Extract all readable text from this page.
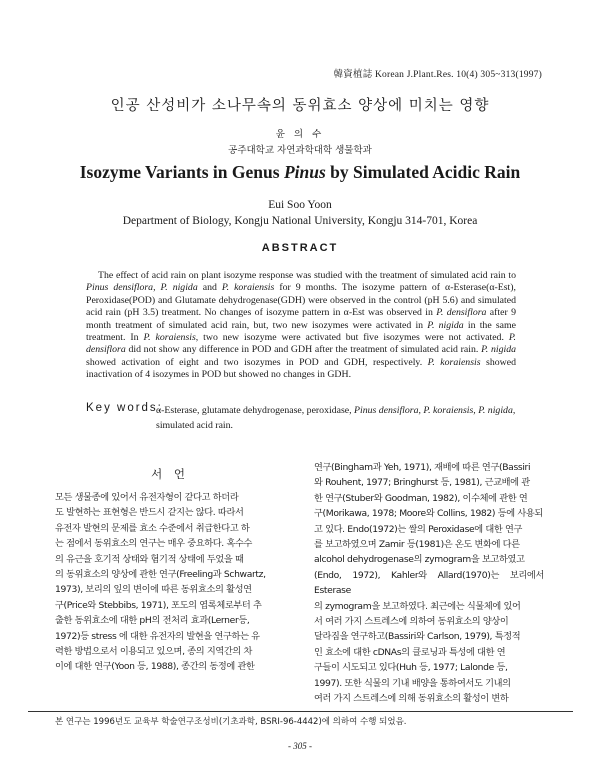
韓資植誌 Korean J.Plant.Res. 10(4) 305~313(1997)
인공 산성비가 소나무속의 동위효소 양상에 미치는 영향
윤 의 수
공주대학교 자연과학대학 생물학과
Isozyme Variants in Genus Pinus by Simulated Acidic Rain
Eui Soo Yoon
Department of Biology, Kongju National University, Kongju 314-701, Korea
ABSTRACT
The effect of acid rain on plant isozyme response was studied with the treatment of simulated acid rain to Pinus densiflora, P. nigida and P. koraiensis for 9 months. The isozyme pattern of α-Esterase(α-Est), Peroxidase(POD) and Glutamate dehydrogenase(GDH) were observed in the control (pH 5.6) and simulated acid rain (pH 3.5) treatment. No changes of isozyme pattern in α-Est was observed in P. densiflora after 9 month treatment of simulated acid rain, but, two new isozymes were activated in P. nigida in the same treatment. In P. koraiensis, two new isozyme were activated but five isozymes were not activated. P. densiflora did not show any difference in POD and GDH after the treatment of simulated acid rain. P. nigida showed activation of eight and two isozymes in POD and GDH, respectively. P. koraiensis showed inactivation of 4 isozymes in POD but showed no changes in GDH.
Key words:
α-Esterase, glutamate dehydrogenase, peroxidase, Pinus densiflora, P. koraiensis, P. nigida, simulated acid rain.
서 언

모든 생물종에 있어서 유전자형이 같다고 하더라

도 발현하는 표현형은 반드시 같지는 않다. 따라서

유전자 발현의 문제를 효소 수준에서 취급한다고 하

는 점에서 동위효소의 연구는 매우 중요하다. 혹수수

의 유근을 호기적 상태와 혐기적 상태에 두었을 때

의 동위효소의 양상에 관한 연구(Freeling과 Schwartz,

1973), 보리의 잎의 변이에 따른 동위효소의 활성연

구(Price와 Stebbibs, 1971), 포도의 엽록체로부터 추

출한 동위효소에 대한 pH의 전처리 효과(Lerner등,

1972)등 stress 에 대한 유전자의 발현을 연구하는 유

력한 방법으로서 이용되고 있으며, 종의 지역간의 차

이에 대한 연구(Yoon 등, 1988), 종간의 동정에 관한

연구(Bingham과 Yeh, 1971), 재배에 따른 연구(Bassiri

와 Rouhent, 1977; Bringhurst 등, 1981), 근교배에 관

한 연구(Stuber와 Goodman, 1982), 이수체에 관한 연

구(Morikawa, 1978; Moore와 Collins, 1982) 등에 사용되

고 있다. Endo(1972)는 쌀의 Peroxidase에 대한 연구

를 보고하였으며 Zamir 등(1981)은 온도 변화에 다른

alcohol dehydrogenase의 zymogram을 보고하였고

(Endo, 1972), Kahler와 Allard(1970)는 보리에서 Esterase

의 zymogram을 보고하였다. 최근에는 식물체에 있어

서 여러 가지 스트레스에 의하여 동위효소의 양상이

달라짐을 연구하고(Bassiri와 Carlson, 1979), 특정적

인 효소에 대한 cDNAs의 클로닝과 특성에 대한 연

구들이 시도되고 있다(Huh 등, 1977; Lalonde 등,

1997). 또한 식물의 기내 배양을 통하여서도 기내의

여러 가지 스트레스에 의해 동위효소의 활성이 변하

본 연구는 1996년도 교육부 학술연구조성비(기초과학, BSRI-96-4442)에 의하여 수행 되었음.
- 305 -
